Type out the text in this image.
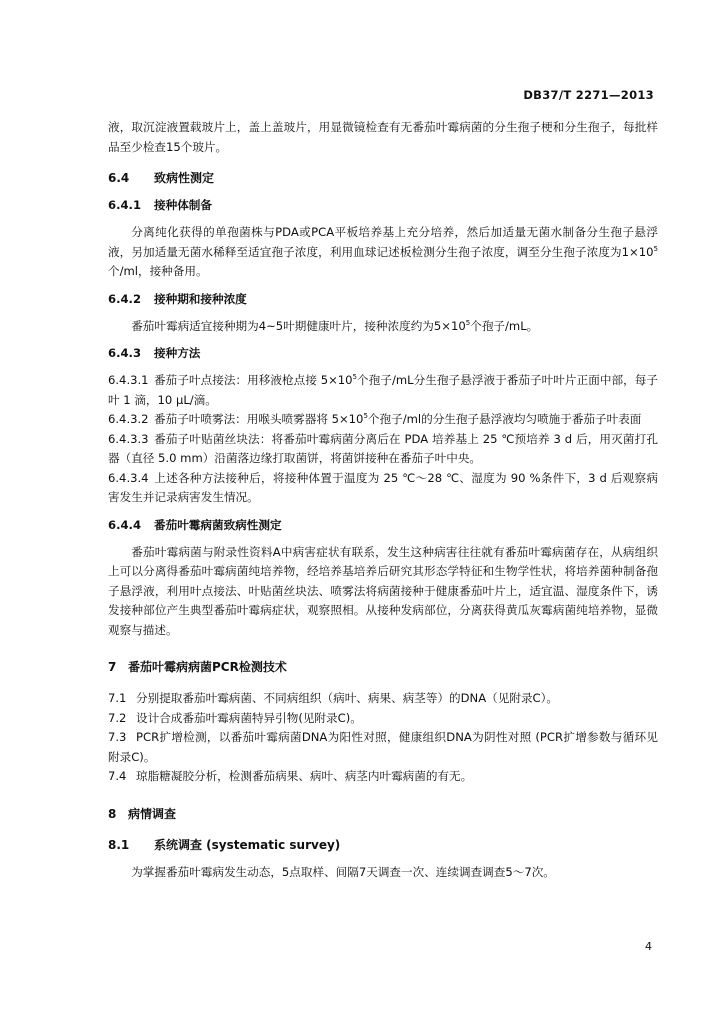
DB37/T 2271—2013

液，取沉淀液置载玻片上，盖上盖玻片，用显微镜检查有无番茄叶霉病菌的分生孢子梗和分生孢子，每批样品至少检查15个玻片。

6.4 致病性测定

6.4.1 接种体制备

分离纯化获得的单孢菌株与PDA或PCA平板培养基上充分培养，然后加适量无菌水制备分生孢子悬浮液，另加适量无菌水稀释至适宜孢子浓度，利用血球记述板检测分生孢子浓度，调至分生孢子浓度为$1\times 10^5$个/ml，接种备用。

6.4.2 接种期和接种浓度

番茄叶霉病适宜接种期为4~5叶期健康叶片，接种浓度约为$5\times 10^5$个孢子/mL。

6.4.3 接种方法

6.4.3.1 番茄子叶点接法：用移液枪点接 $5\times 10^5$个孢子/mL分生孢子悬浮液于番茄子叶叶片正面中部，每子叶 1 滴，10 μL/滴。

6.4.3.2 番茄子叶喷雾法：用喉头喷雾器将 $5\times 10^5$个孢子/ml的分生孢子悬浮液均匀喷施于番茄子叶表面

6.4.3.3 番茄子叶贴菌丝块法：将番茄叶霉病菌分离后在 PDA 培养基上 25 ℃预培养 3 d 后，用灭菌打孔器（直径 5.0 mm）沿菌落边缘打取菌饼，将菌饼接种在番茄子叶中央。

6.4.3.4 上述各种方法接种后，将接种体置于温度为 25 ℃～28 ℃、湿度为 90 %条件下，3 d 后观察病害发生并记录病害发生情况。

6.4.4 番茄叶霉病菌致病性测定

番茄叶霉病菌与附录性资料A中病害症状有联系，发生这种病害往往就有番茄叶霉病菌存在，从病组织上可以分离得番茄叶霉病菌纯培养物，经培养基培养后研究其形态学特征和生物学性状，将培养菌种制备孢子悬浮液，利用叶点接法、叶贴菌丝块法、喷雾法将病菌接种于健康番茄叶片上，适宜温、湿度条件下，诱发接种部位产生典型番茄叶霉病症状，观察照相。从接种发病部位，分离获得黄瓜灰霉病菌纯培养物，显微观察与描述。

7 番茄叶霉病病菌PCR检测技术

7.1 分别提取番茄叶霉病菌、不同病组织（病叶、病果、病茎等）的DNA（见附录C）。

7.2 设计合成番茄叶霉病菌特异引物(见附录C)。

7.3 PCR扩增检测，以番茄叶霉病菌DNA为阳性对照，健康组织DNA为阴性对照 (PCR扩增参数与循环见附录C)。

7.4 琼脂糖凝胶分析，检测番茄病果、病叶、病茎内叶霉病菌的有无。

8 病情调查

8.1 系统调查 (systematic survey)

为掌握番茄叶霉病发生动态，5点取样、间隔7天调查一次、连续调查调查5～7次。

4
